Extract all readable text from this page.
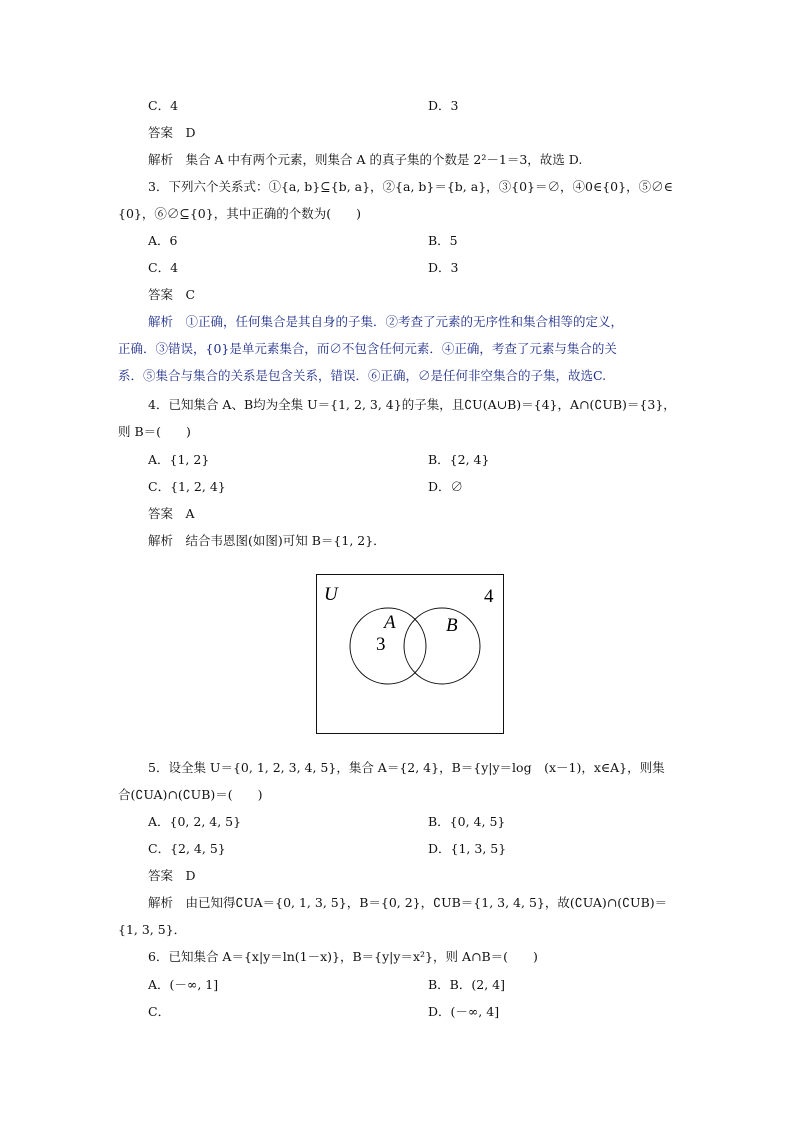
C．4	D．3
答案　D
解析　集合 A 中有两个元素，则集合 A 的真子集的个数是 2²－1＝3，故选 D.
3．下列六个关系式：①{a, b}⊆{b, a}，②{a, b}＝{b, a}，③{0}＝∅，④0∈{0}，⑤∅∈
{0}，⑥∅⊆{0}，其中正确的个数为(　　)
A．6	B．5
C．4	D．3
答案　C
解析　①正确，任何集合是其自身的子集．②考查了元素的无序性和集合相等的定义，
正确．③错误，{0}是单元素集合，而∅不包含任何元素．④正确，考查了元素与集合的关
系．⑤集合与集合的关系是包含关系，错误．⑥正确，∅是任何非空集合的子集，故选C.
4．已知集合 A、B均为全集 U＝{1, 2, 3, 4}的子集，且∁U(A∪B)＝{4}，A∩(∁UB)＝{3}，
则 B＝(　　)
A．{1, 2}	B．{2, 4}
C．{1, 2, 4}	D．∅
答案　A
解析　结合韦恩图(如图)可知 B＝{1, 2}．
U	4
A
3
B
5．设全集 U＝{0, 1, 2, 3, 4, 5}，集合 A＝{2, 4}，B＝{y|y＝log　(x－1)，x∈A}，则集
合(∁UA)∩(∁UB)＝(　　)
A．{0, 2, 4, 5}	B．{0, 4, 5}
C．{2, 4, 5}	D．{1, 3, 5}
答案　D
解析　由已知得∁UA＝{0, 1, 3, 5}，B＝{0, 2}，∁UB＝{1, 3, 4, 5}，故(∁UA)∩(∁UB)＝
{1, 3, 5}．
6．已知集合 A＝{x|y＝ln(1－x)}，B＝{y|y＝x²}，则 A∩B＝(　　)
A．(－∞, 1]	B．B．(2, 4]
C．	D．(－∞, 4]
